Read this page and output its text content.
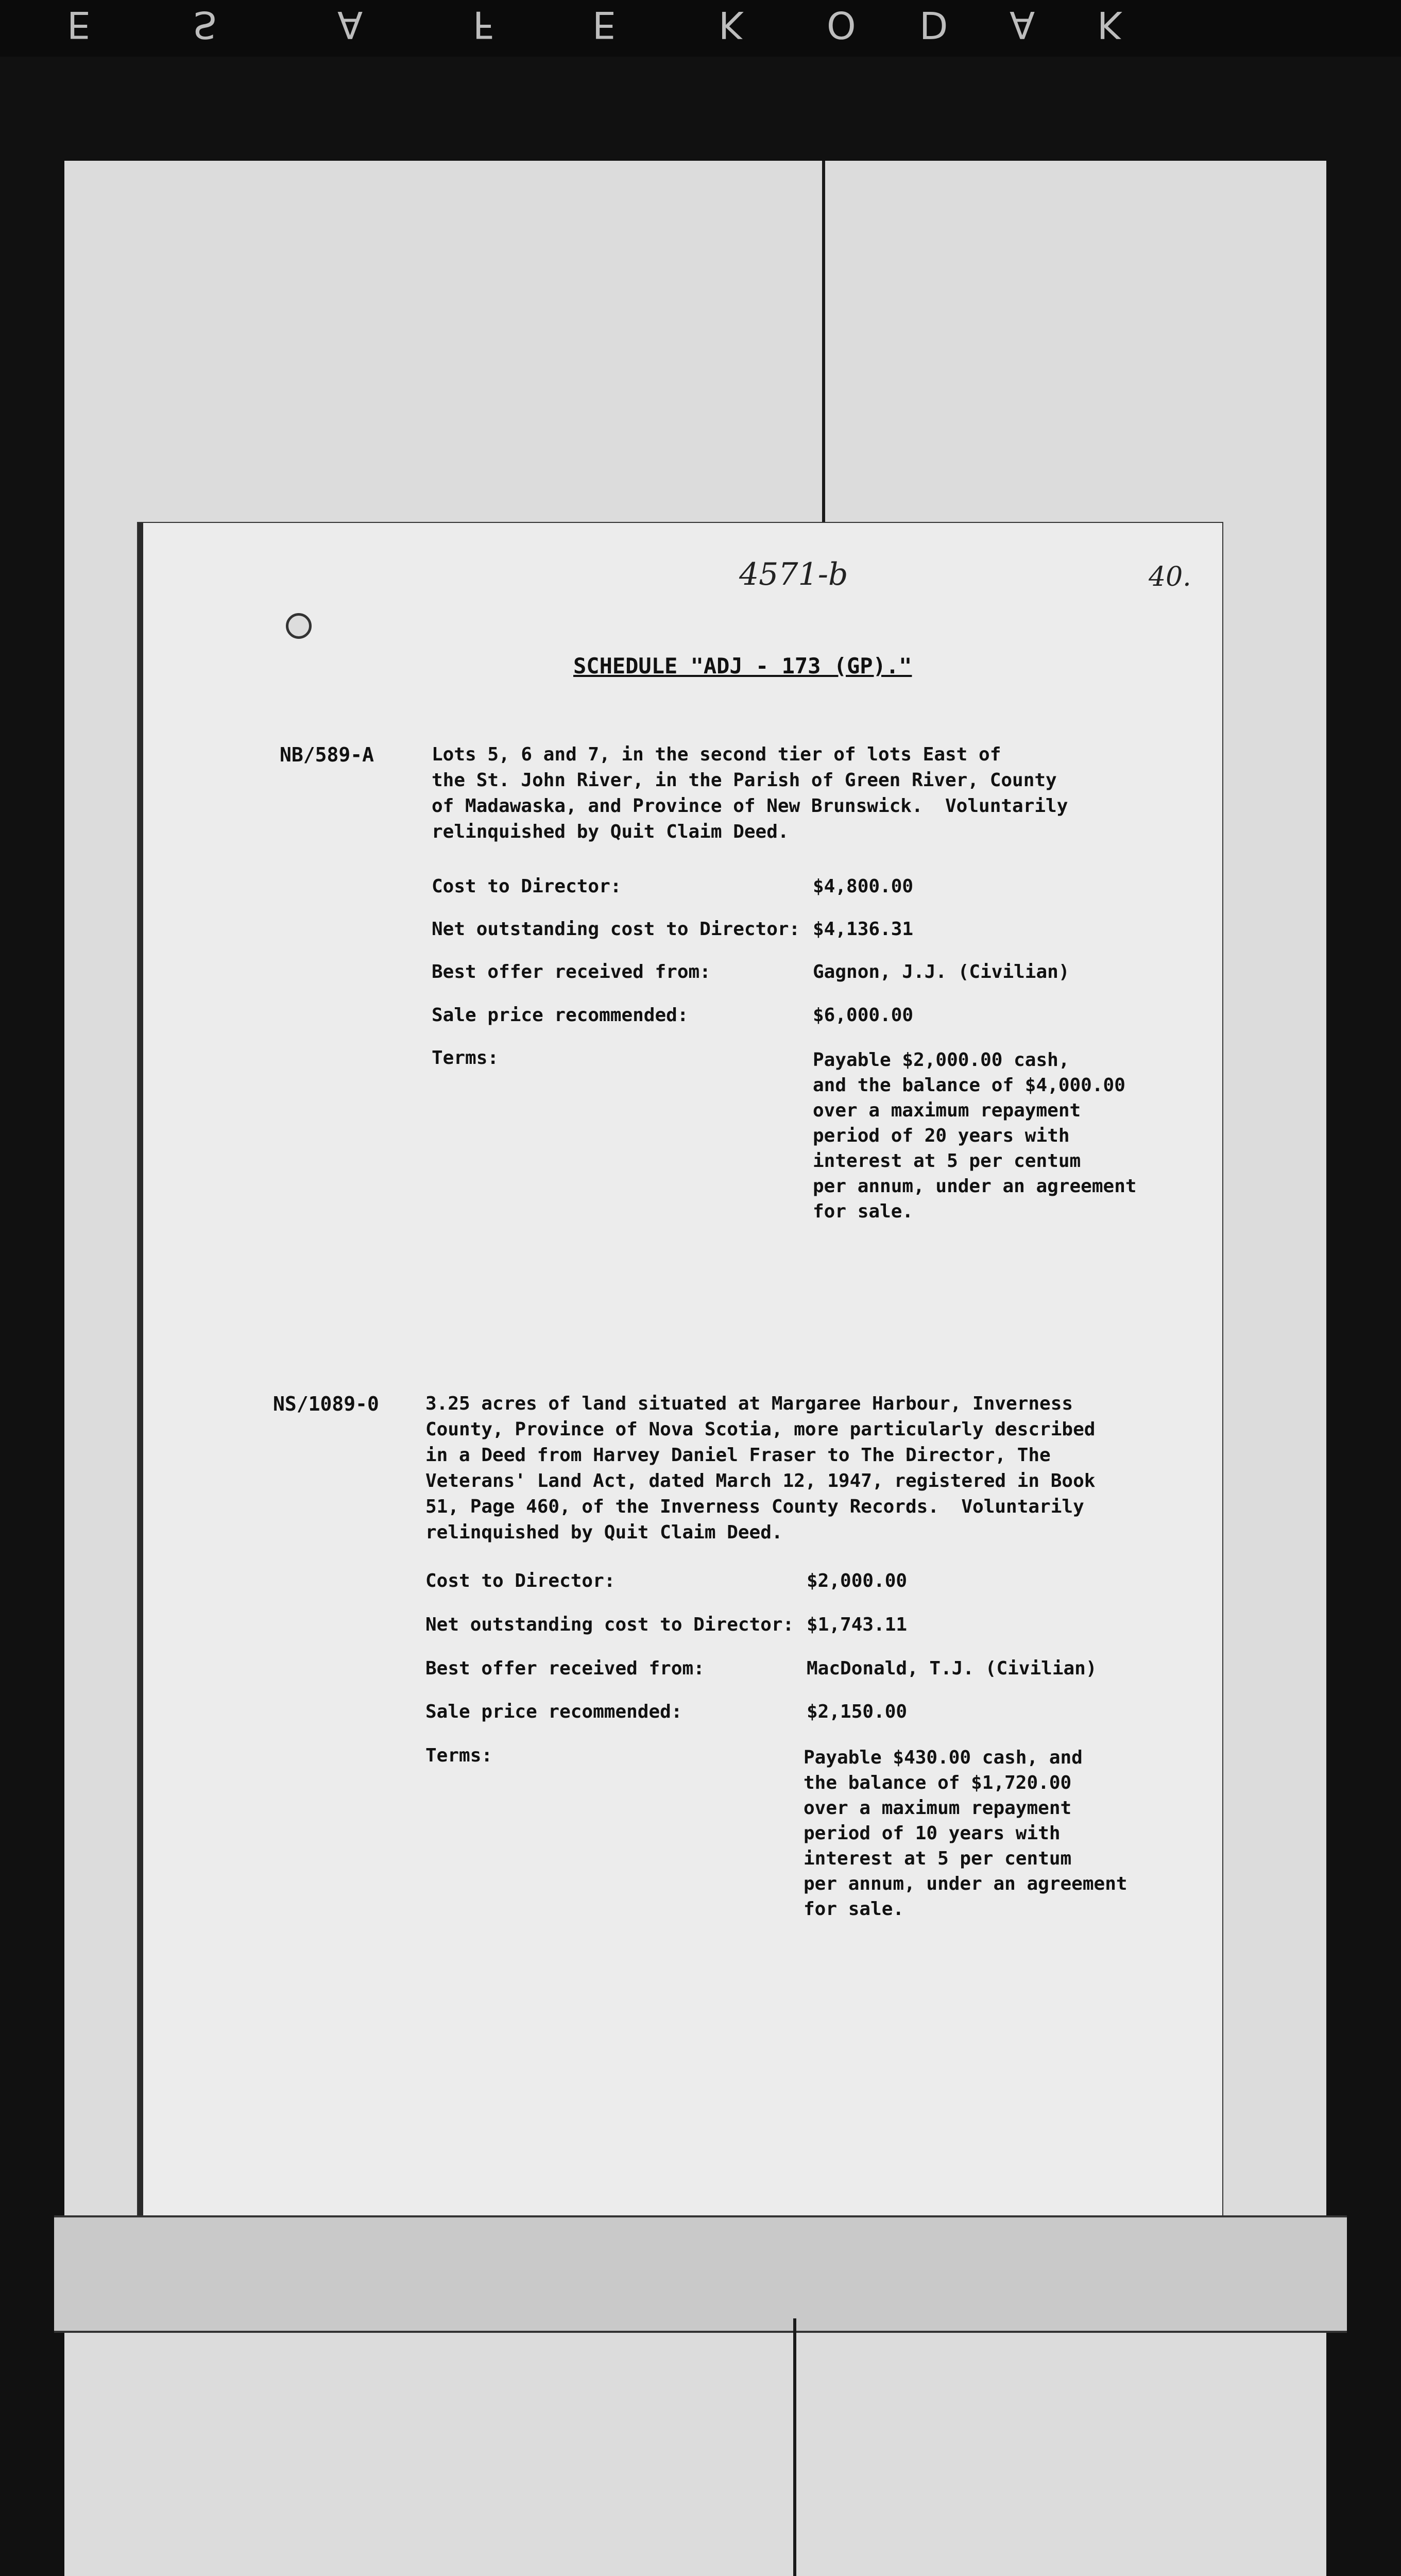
E	S	A	F	E	K O D A K
4571-b	40.
SCHEDULE "ADJ - 173 (GP)."
NB/589-A	Lots 5, 6 and 7, in the second tier of lots East of
the St. John River, in the Parish of Green River, County
of Madawaska, and Province of New Brunswick.  Voluntarily
relinquished by Quit Claim Deed.
Cost to Director:	$4,800.00
Net outstanding cost to Director: $4,136.31
Best offer received from:	Gagnon, J.J. (Civilian)
Sale price recommended:	$6,000.00
Terms:	Payable $2,000.00 cash,
and the balance of $4,000.00
over a maximum repayment
period of 20 years with
interest at 5 per centum
per annum, under an agreement
for sale.
NS/1089-0	3.25 acres of land situated at Margaree Harbour, Inverness
County, Province of Nova Scotia, more particularly described
in a Deed from Harvey Daniel Fraser to The Director, The
Veterans' Land Act, dated March 12, 1947, registered in Book
51, Page 460, of the Inverness County Records.  Voluntarily
relinquished by Quit Claim Deed.
Cost to Director:	$2,000.00
Net outstanding cost to Director: $1,743.11
Best offer received from:	MacDonald, T.J. (Civilian)
Sale price recommended:	$2,150.00
Terms:	Payable $430.00 cash, and
the balance of $1,720.00
over a maximum repayment
period of 10 years with
interest at 5 per centum
per annum, under an agreement
for sale.
